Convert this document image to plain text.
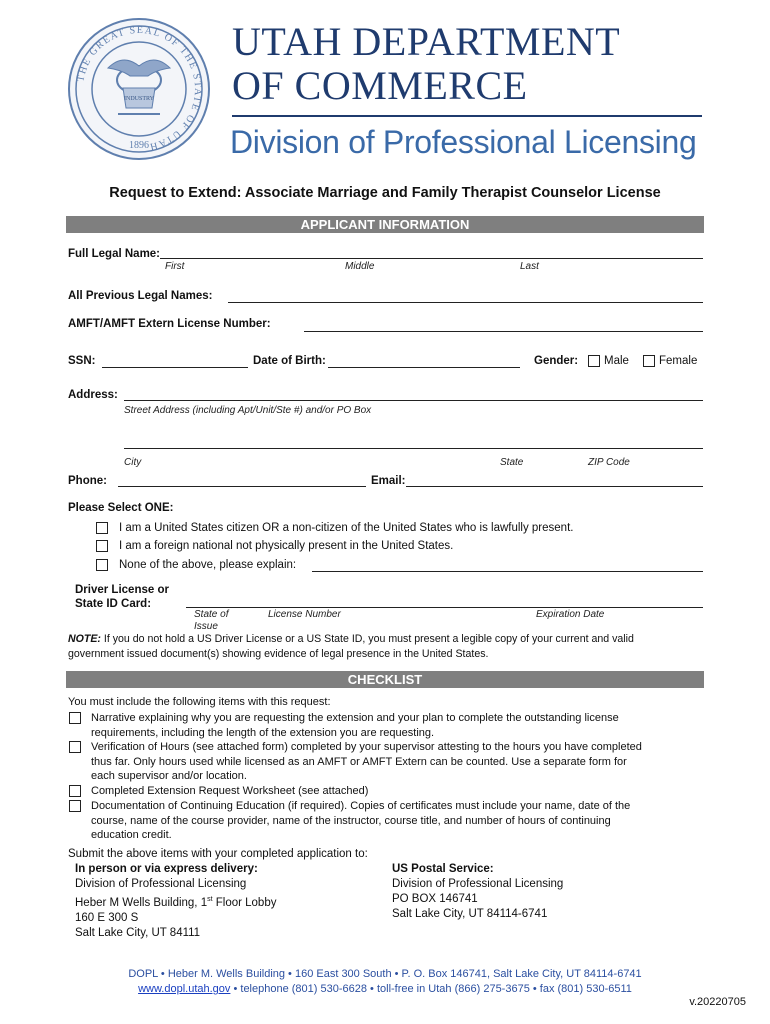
THE GREAT SEAL OF THE STATE OF UTAH
INDUSTRY
1896
UTAH DEPARTMENT
OF COMMERCE
Division of Professional Licensing
Request to Extend: Associate Marriage and Family Therapist Counselor License
APPLICANT INFORMATION
Full Legal Name:
First	Middle	Last
All Previous Legal Names:
AMFT/AMFT Extern License Number:
SSN:	Date of Birth:	Gender: Male	Female
Address:
Street Address (including Apt/Unit/Ste #) and/or PO Box
City	State	ZIP Code
Phone:	Email:
Please Select ONE:
I am a United States citizen OR a non-citizen of the United States who is lawfully present.
I am a foreign national not physically present in the United States.
None of the above, please explain:
Driver License or
State ID Card:
State of
Issue
License Number	Expiration Date
NOTE: If you do not hold a US Driver License or a US State ID, you must present a legible copy of your current and valid
government issued document(s) showing evidence of legal presence in the United States.
CHECKLIST
You must include the following items with this request:
Narrative explaining why you are requesting the extension and your plan to complete the outstanding license
requirements, including the length of the extension you are requesting.
Verification of Hours (see attached form) completed by your supervisor attesting to the hours you have completed
thus far. Only hours used while licensed as an AMFT or AMFT Extern can be counted. Use a separate form for
each supervisor and/or location.
Completed Extension Request Worksheet (see attached)
Documentation of Continuing Education (if required). Copies of certificates must include your name, date of the
course, name of the course provider, name of the instructor, course title, and number of hours of continuing
education credit.
Submit the above items with your completed application to:
In person or via express delivery:
Division of Professional Licensing
Heber M Wells Building, 1st Floor Lobby
160 E 300 S
Salt Lake City, UT 84111
US Postal Service:
Division of Professional Licensing
PO BOX 146741
Salt Lake City, UT 84114-6741
DOPL • Heber M. Wells Building • 160 East 300 South • P. O. Box 146741, Salt Lake City, UT 84114-6741
www.dopl.utah.gov • telephone (801) 530-6628 • toll-free in Utah (866) 275-3675 • fax (801) 530-6511
v.20220705
